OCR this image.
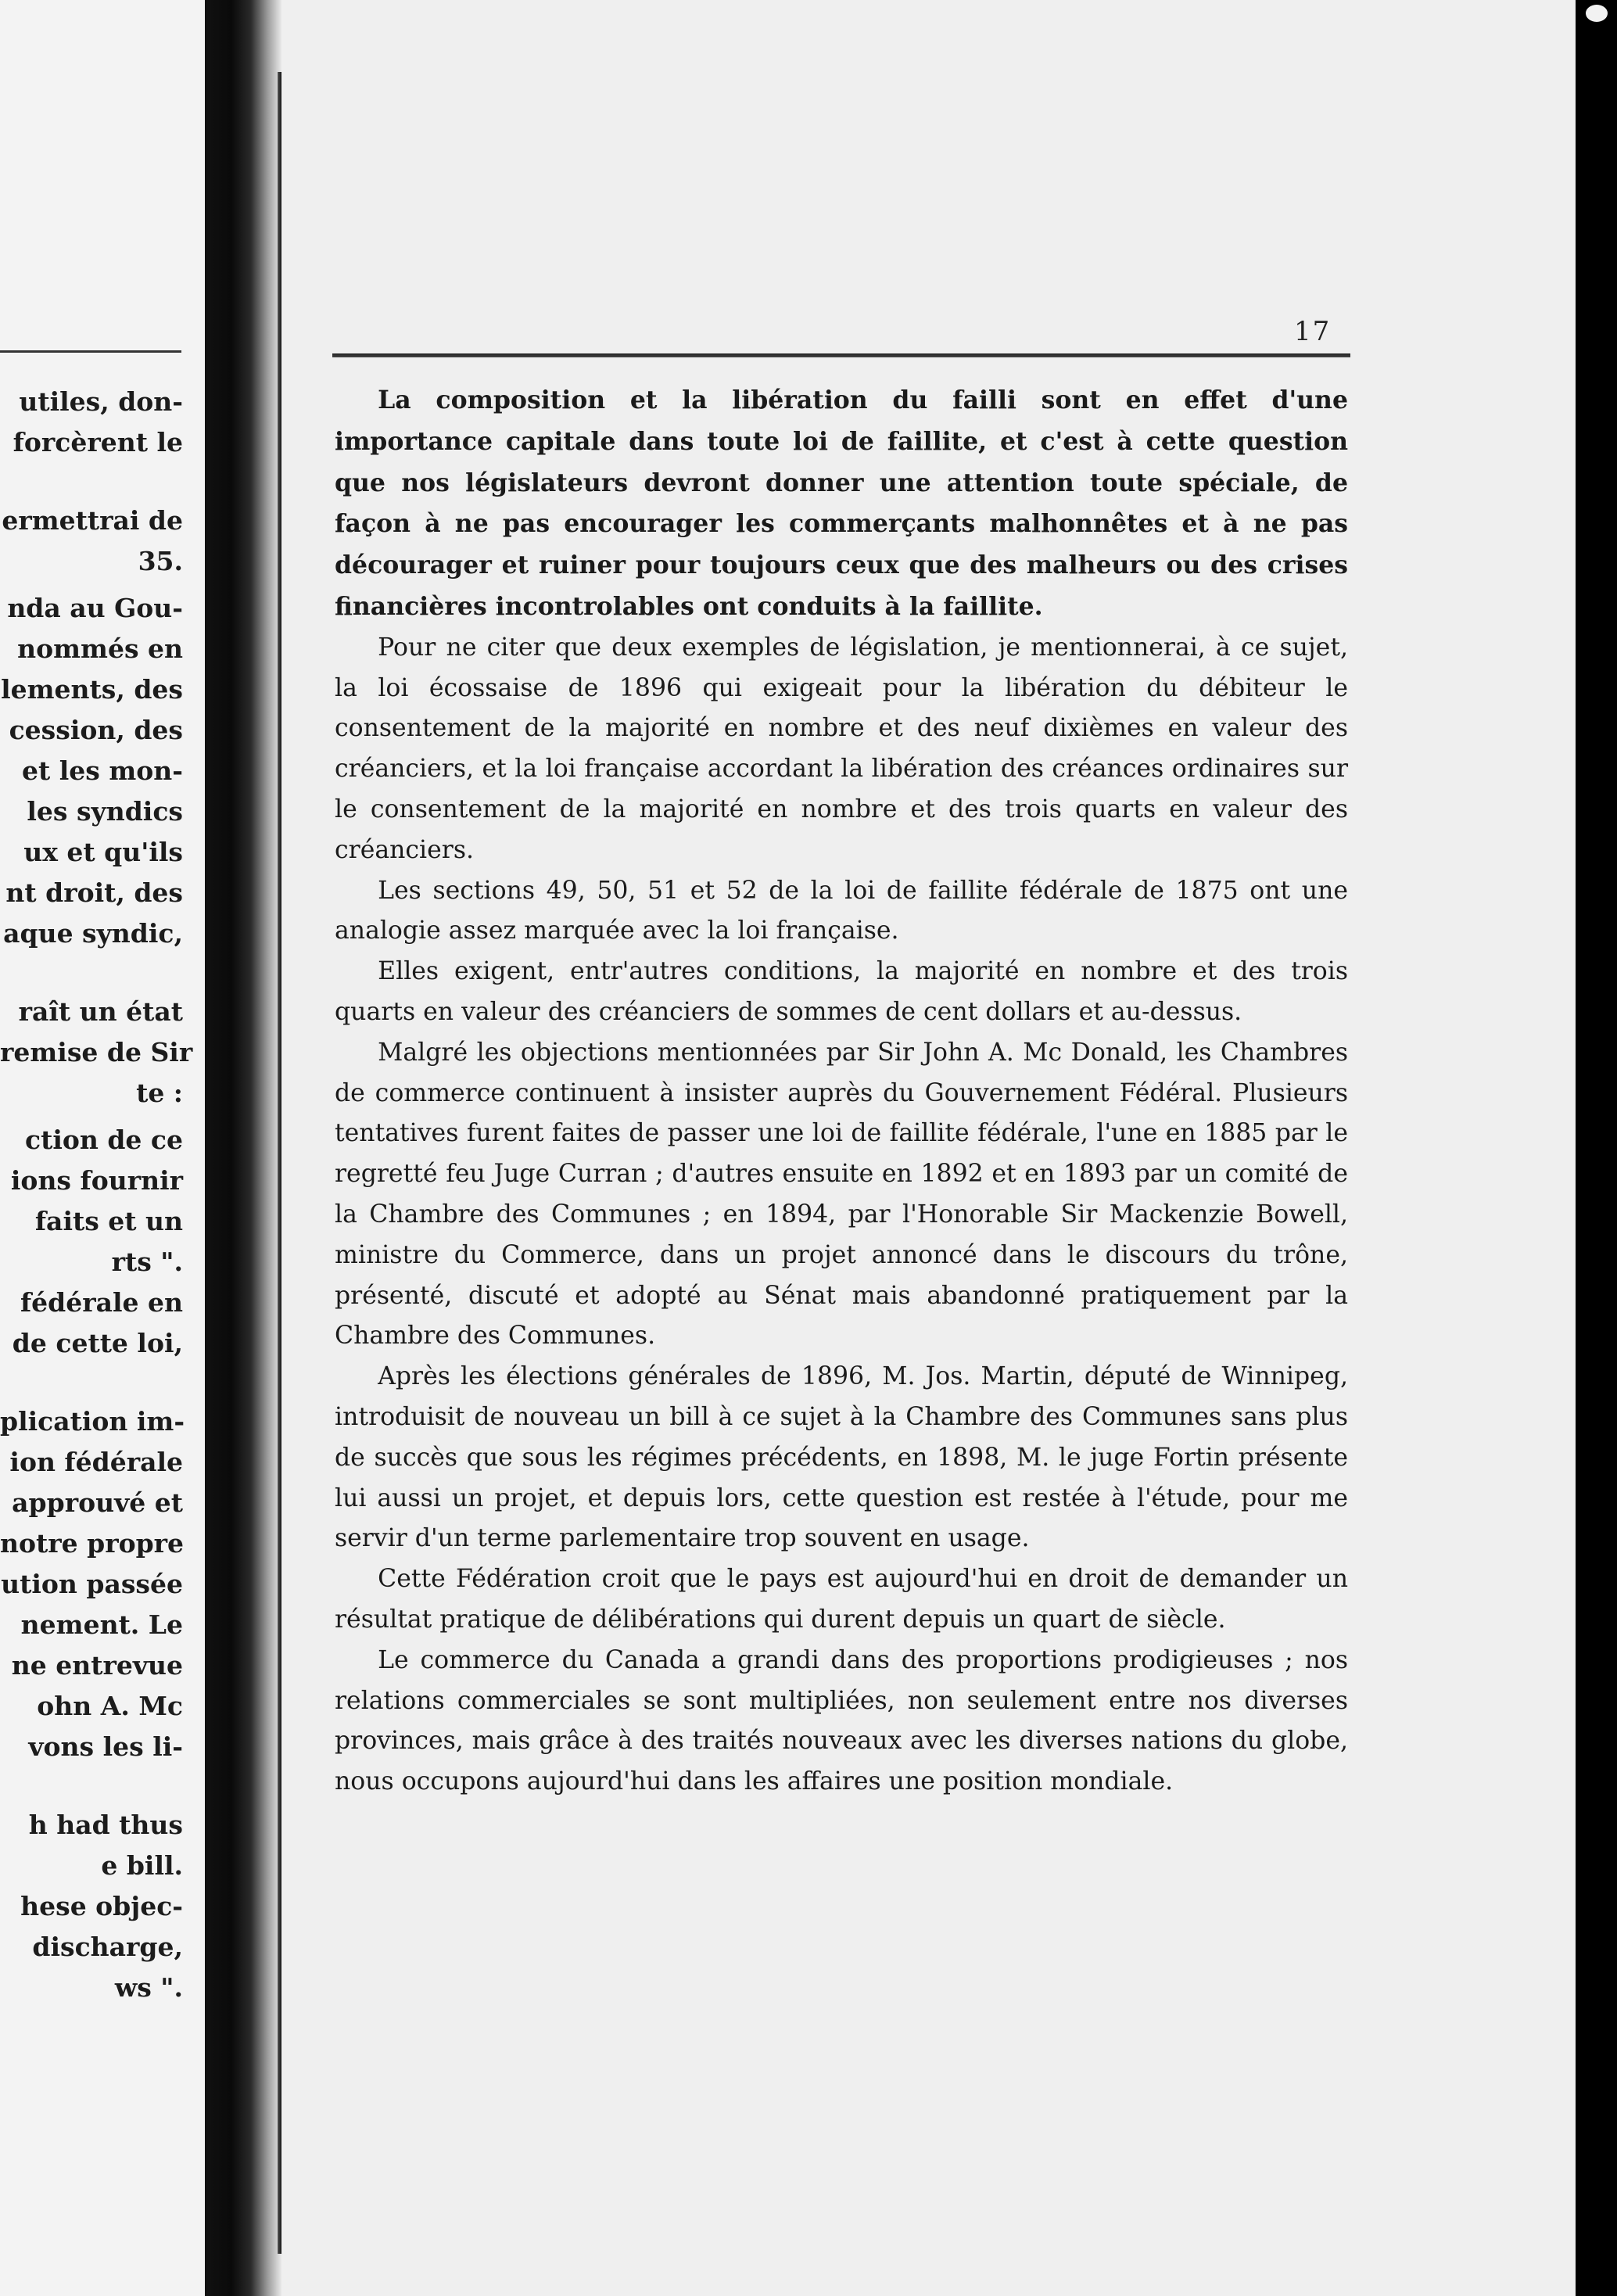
utiles, don-
forcèrent le
ermettrai de
35.
nda au Gou-
nommés en
lements, des
cession, des
et les mon-
les syndics
ux et qu'ils
nt droit, des
aque syndic,
raît un état
remise de Sir
te :
ction de ce
ions fournir
faits et un
rts ".
fédérale en
de cette loi,
plication im-
ion fédérale
approuvé et
notre propre
ution passée
nement. Le
ne entrevue
ohn A. Mc
vons les li-
h had thus
e bill.
hese objec-
discharge,
ws ".
17

La composition et la libération du failli sont en effet d'une importance capitale dans toute loi de faillite, et c'est à cette question que nos législateurs devront donner une attention toute spéciale, de façon à ne pas encourager les commerçants malhonnêtes et à ne pas décourager et ruiner pour toujours ceux que des malheurs ou des crises financières incontrolables ont conduits à la faillite.

Pour ne citer que deux exemples de législation, je mentionnerai, à ce sujet, la loi écossaise de 1896 qui exigeait pour la libération du débiteur le consentement de la majorité en nombre et des neuf dixièmes en valeur des créanciers, et la loi française accordant la libération des créances ordinaires sur le consentement de la majorité en nombre et des trois quarts en valeur des créanciers.

Les sections 49, 50, 51 et 52 de la loi de faillite fédérale de 1875 ont une analogie assez marquée avec la loi française.

Elles exigent, entr'autres conditions, la majorité en nombre et des trois quarts en valeur des créanciers de sommes de cent dollars et au-dessus.

Malgré les objections mentionnées par Sir John A. Mc Donald, les Chambres de commerce continuent à insister auprès du Gouvernement Fédéral. Plusieurs tentatives furent faites de passer une loi de faillite fédérale, l'une en 1885 par le regretté feu Juge Curran ; d'autres ensuite en 1892 et en 1893 par un comité de la Chambre des Communes ; en 1894, par l'Honorable Sir Mackenzie Bowell, ministre du Commerce, dans un projet annoncé dans le discours du trône, présenté, discuté et adopté au Sénat mais abandonné pratiquement par la Chambre des Communes.

Après les élections générales de 1896, M. Jos. Martin, député de Winnipeg, introduisit de nouveau un bill à ce sujet à la Chambre des Communes sans plus de succès que sous les régimes précédents, en 1898, M. le juge Fortin présente lui aussi un projet, et depuis lors, cette question est restée à l'étude, pour me servir d'un terme parlementaire trop souvent en usage.

Cette Fédération croit que le pays est aujourd'hui en droit de demander un résultat pratique de délibérations qui durent depuis un quart de siècle.

Le commerce du Canada a grandi dans des proportions prodigieuses ; nos relations commerciales se sont multipliées, non seulement entre nos diverses provinces, mais grâce à des traités nouveaux avec les diverses nations du globe, nous occupons aujourd'hui dans les affaires une position mondiale.
